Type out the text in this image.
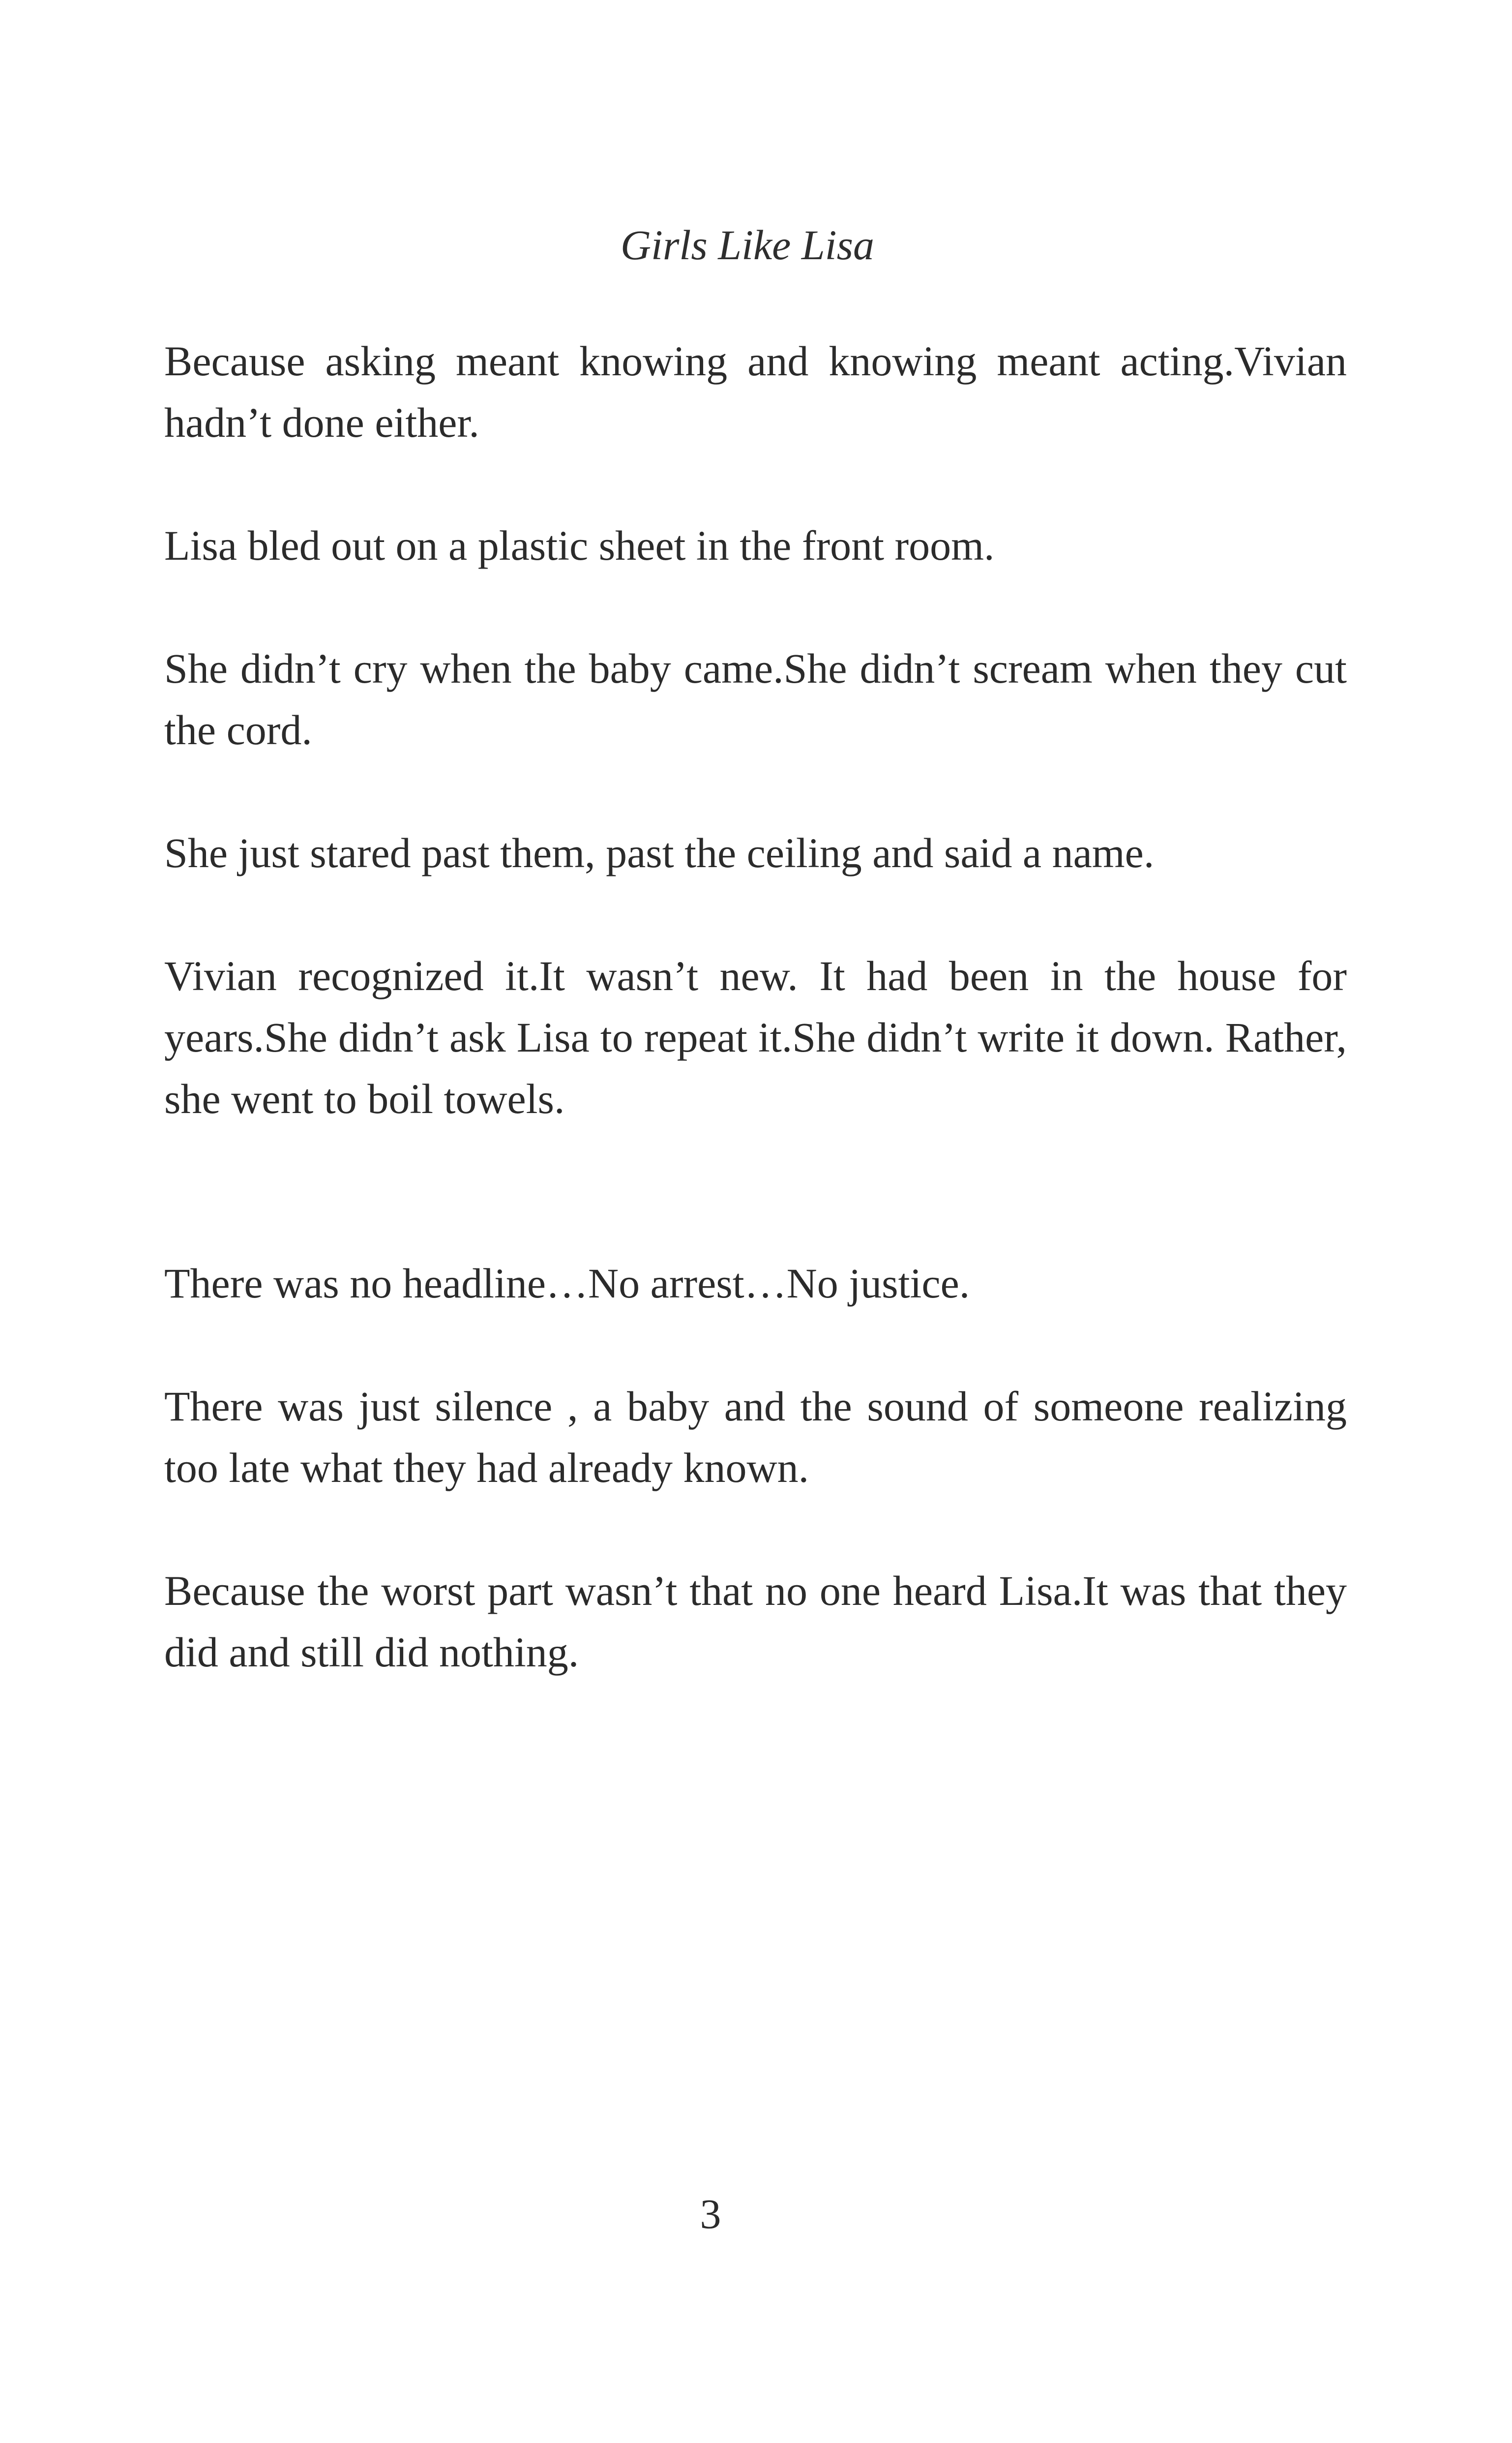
Girls Like Lisa

Because asking meant knowing and knowing meant acting.Vivian hadn’t done either.

Lisa bled out on a plastic sheet in the front room.

She didn’t cry when the baby came.She didn’t scream when they cut the cord.

She just stared past them, past the ceiling and said a name.

Vivian recognized it.It wasn’t new. It had been in the house for years.She didn’t ask Lisa to repeat it.She didn’t write it down. Rather, she went to boil towels.

There was no headline…No arrest…No justice.

There was just silence , a baby and the sound of someone realizing too late what they had already known.

Because the worst part wasn’t that no one heard Lisa.It was that they did and still did nothing.

3
